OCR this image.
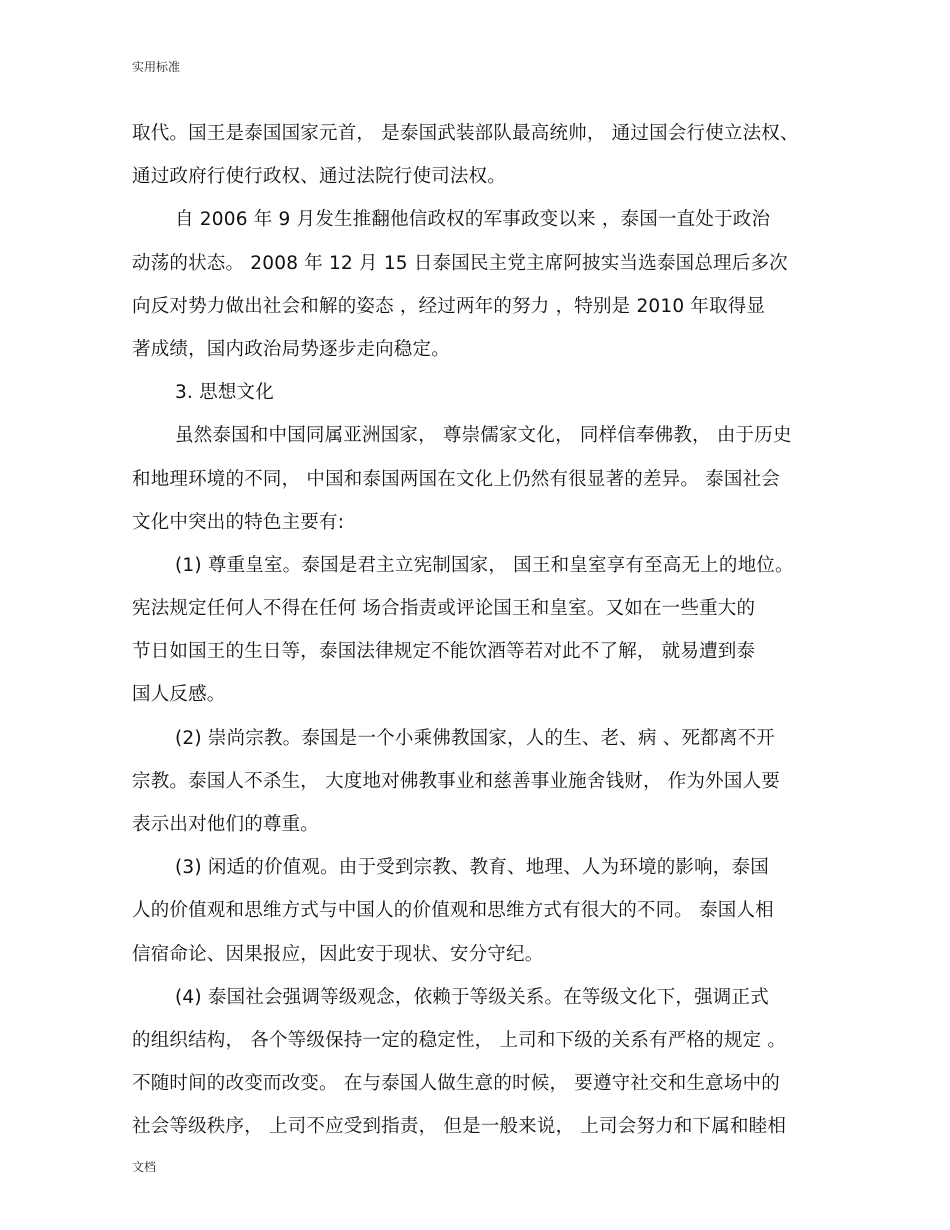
实用标准
取代。国王是泰国国家元首， 是泰国武装部队最高统帅， 通过国会行使立法权、
通过政府行使行政权、通过法院行使司法权。
自 2006 年 9 月发生推翻他信政权的军事政变以来 ，泰国一直处于政治
动荡的状态。 2008 年 12 月 15 日泰国民主党主席阿披实当选泰国总理后多次
向反对势力做出社会和解的姿态 ，经过两年的努力 ，特别是 2010 年取得显
著成绩，国内政治局势逐步走向稳定。
3. 思想文化
虽然泰国和中国同属亚洲国家， 尊崇儒家文化， 同样信奉佛教， 由于历史
和地理环境的不同， 中国和泰国两国在文化上仍然有很显著的差异。 泰国社会
文化中突出的特色主要有:
(1) 尊重皇室。泰国是君主立宪制国家， 国王和皇室享有至高无上的地位。
宪法规定任何人不得在任何 场合指责或评论国王和皇室。又如在一些重大的
节日如国王的生日等，泰国法律规定不能饮酒等若对此不了解， 就易遭到泰
国人反感。
(2) 崇尚宗教。泰国是一个小乘佛教国家，人的生、老、病 、死都离不开
宗教。泰国人不杀生， 大度地对佛教事业和慈善事业施舍钱财， 作为外国人要
表示出对他们的尊重。
(3) 闲适的价值观。由于受到宗教、教育、地理、人为环境的影响，泰国
人的价值观和思维方式与中国人的价值观和思维方式有很大的不同。 泰国人相
信宿命论、因果报应，因此安于现状、安分守纪。
(4) 泰国社会强调等级观念，依赖于等级关系。在等级文化下，强调正式
的组织结构， 各个等级保持一定的稳定性， 上司和下级的关系有严格的规定 。
不随时间的改变而改变。 在与泰国人做生意的时候， 要遵守社交和生意场中的
社会等级秩序， 上司不应受到指责， 但是一般来说， 上司会努力和下属和睦相
文档
